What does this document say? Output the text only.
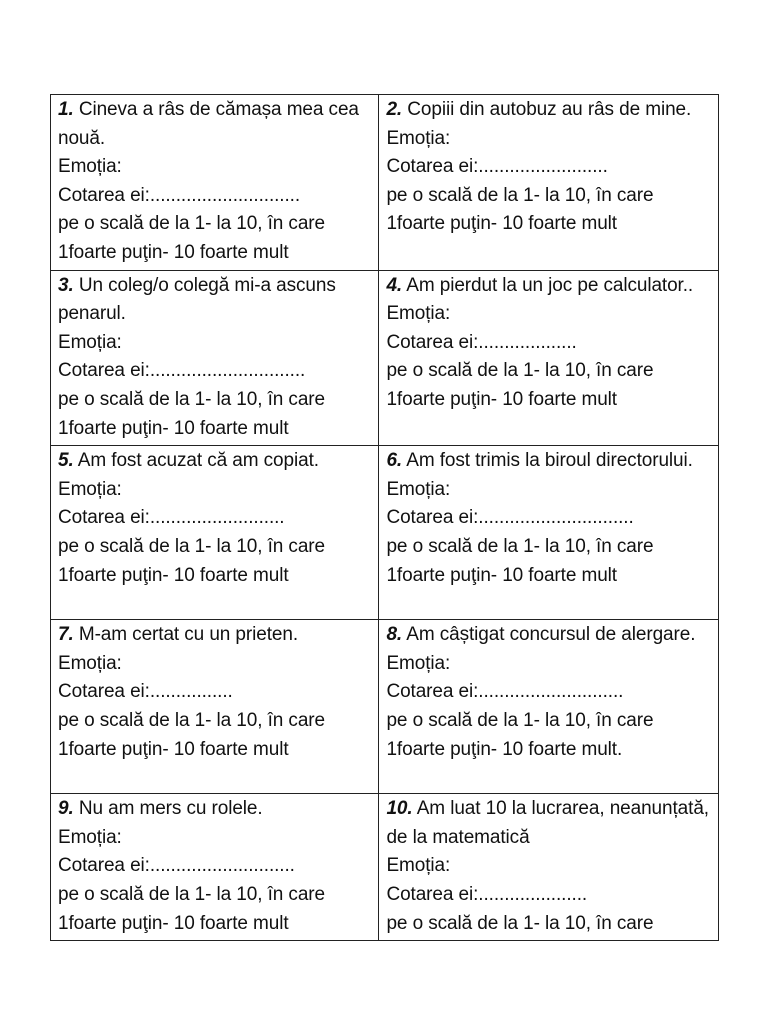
1. Cineva a râs de cămașa mea cea nouă.
Emoția:
Cotarea ei:.............................
pe o scală de la 1- la 10, în care
1foarte puţin- 10 foarte mult	2. Copiii din autobuz au râs de mine.
Emoția:
Cotarea ei:.........................
pe o scală de la 1- la 10, în care
1foarte puţin- 10 foarte mult

3. Un coleg/o colegă mi-a ascuns penarul.
Emoția:
Cotarea ei:..............................
pe o scală de la 1- la 10, în care
1foarte puţin- 10 foarte mult	4. Am pierdut la un joc pe calculator..
Emoția:
Cotarea ei:...................
pe o scală de la 1- la 10, în care
1foarte puţin- 10 foarte mult

5. Am fost acuzat că am copiat.
Emoția:
Cotarea ei:..........................
pe o scală de la 1- la 10, în care
1foarte puţin- 10 foarte mult	6. Am fost trimis la biroul directorului.
Emoția:
Cotarea ei:..............................
pe o scală de la 1- la 10, în care
1foarte puţin- 10 foarte mult

7. M-am certat cu un prieten.
Emoția:
Cotarea ei:................
pe o scală de la 1- la 10, în care
1foarte puţin- 10 foarte mult	8. Am câștigat concursul de alergare.
Emoția:
Cotarea ei:............................
pe o scală de la 1- la 10, în care
1foarte puţin- 10 foarte mult.

9. Nu am mers cu rolele.
Emoția:
Cotarea ei:............................
pe o scală de la 1- la 10, în care
1foarte puţin- 10 foarte mult	10. Am luat 10 la lucrarea, neanunțată, de la matematică
Emoția:
Cotarea ei:.....................
pe o scală de la 1- la 10, în care
